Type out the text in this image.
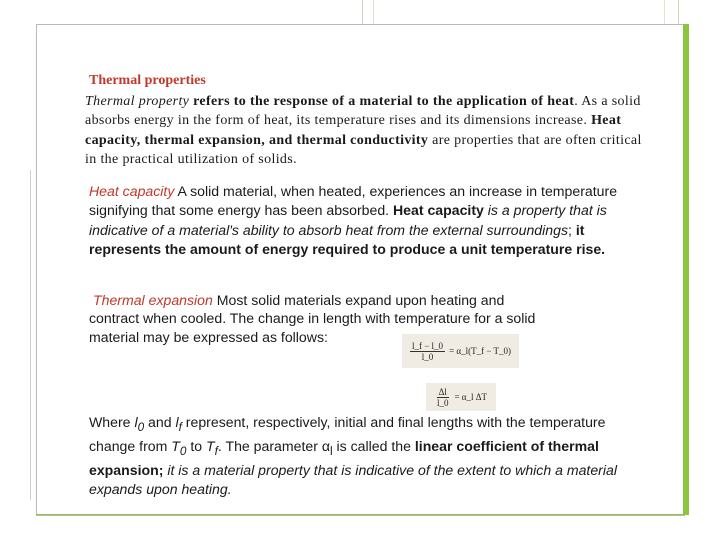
Thermal properties
Thermal property refers to the response of a material to the application of heat. As a solid absorbs energy in the form of heat, its temperature rises and its dimensions increase. Heat capacity, thermal expansion, and thermal conductivity are properties that are often critical in the practical utilization of solids.
Heat capacity A solid material, when heated, experiences an increase in temperature signifying that some energy has been absorbed. Heat capacity is a property that is indicative of a material's ability to absorb heat from the external surroundings; it represents the amount of energy required to produce a unit temperature rise.
Thermal expansion Most solid materials expand upon heating and
contract when cooled. The change in length with temperature for a solid
material may be expressed as follows:
$\frac{l\_f - l\_0}{l\_0}$ = α_l(T_f − T_0)
$\frac{\Delta l}{l\_0}$ = α_l ΔT
Where $l_0$ and $l_f$ represent, respectively, initial and final lengths with the temperature change from $T_0$ to $T_f$. The parameter $\alpha_l$ is called the linear coefficient of thermal expansion; it is a material property that is indicative of the extent to which a material expands upon heating.
